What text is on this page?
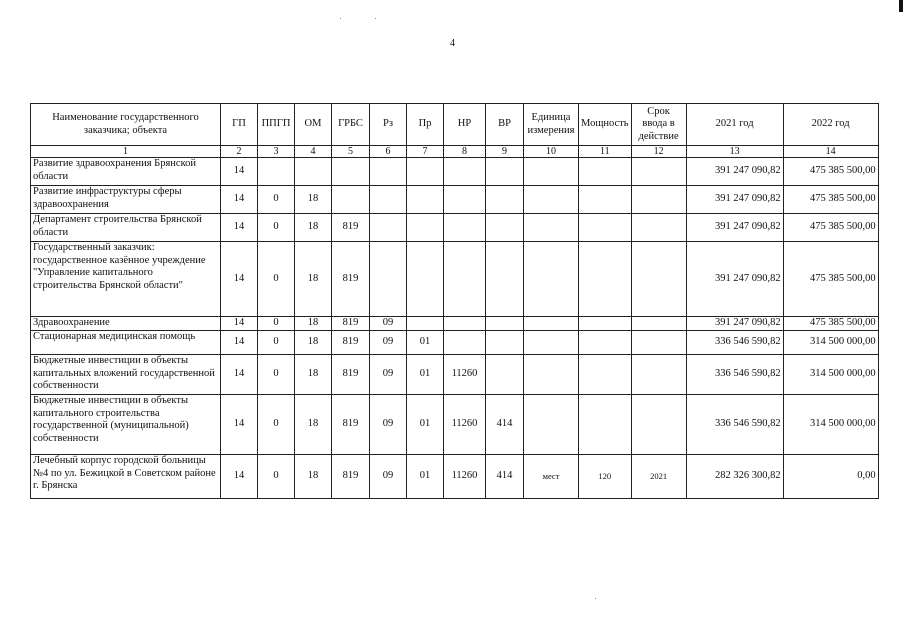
4
Наименование государственного заказчика; объекта	ГП	ППГП	ОМ	ГРБС	Рз	Пр	НР	ВР	Единица измерения	Мощность	Срок ввода в действие	2021 год	2022 год
1	2	3	4	5	6	7	8	9	10	11	12	13	14
Развитие здравоохранения Брянской области	14											391 247 090,82	475 385 500,00
Развитие инфраструктуры сферы здравоохранения	14	0	18									391 247 090,82	475 385 500,00
Департамент строительства Брянской области	14	0	18	819								391 247 090,82	475 385 500,00
Государственный заказчик: государственное казённое учреждение "Управление капитального строительства Брянской области"	14	0	18	819								391 247 090,82	475 385 500,00
Здравоохранение	14	0	18	819	09							391 247 090,82	475 385 500,00
Стационарная медицинская помощь	14	0	18	819	09	01						336 546 590,82	314 500 000,00
Бюджетные инвестиции в объекты капитальных вложений государственной собственности	14	0	18	819	09	01	11260					336 546 590,82	314 500 000,00
Бюджетные инвестиции в объекты капитального строительства государственной (муниципальной) собственности	14	0	18	819	09	01	11260	414				336 546 590,82	314 500 000,00
Лечебный корпус городской больницы №4 по ул. Бежицкой в Советском районе г. Брянска	14	0	18	819	09	01	11260	414	мест	120	2021	282 326 300,82	0,00
